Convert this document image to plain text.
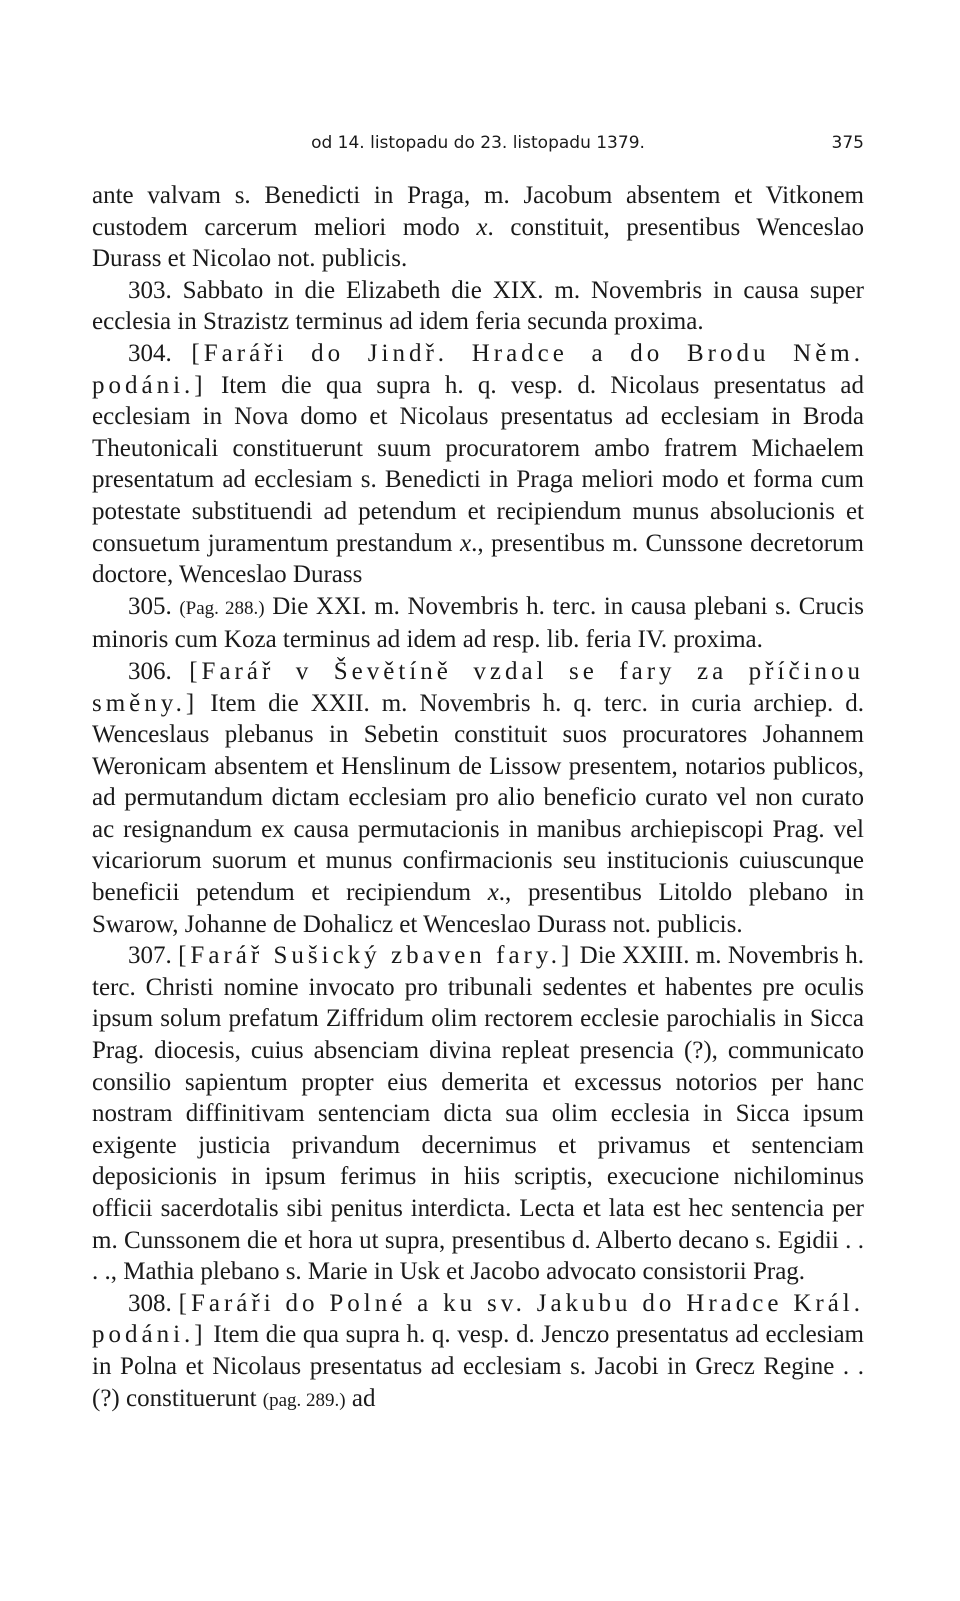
od 14. listopadu do 23. listopadu 1379.	375

ante valvam s. Benedicti in Praga, m. Jacobum absentem et Vitkonem custodem carcerum meliori modo x. constituit, presentibus Wenceslao Durass et Nicolao not. publicis.

303. Sabbato in die Elizabeth die XIX. m. Novembris in causa super ecclesia in Strazistz terminus ad idem feria secunda proxima.

304. [Faráři do Jindř. Hradce a do Brodu Něm. podáni.] Item die qua supra h. q. vesp. d. Nicolaus presentatus ad ecclesiam in Nova domo et Nicolaus presentatus ad ecclesiam in Broda Theutonicali constituerunt suum procuratorem ambo fratrem Michaelem presentatum ad ecclesiam s. Benedicti in Praga meliori modo et forma cum potestate substituendi ad petendum et recipiendum munus absolucionis et consuetum juramentum prestandum x., presentibus m. Cunssone decretorum doctore, Wenceslao Durass

305. (Pag. 288.) Die XXI. m. Novembris h. terc. in causa plebani s. Crucis minoris cum Koza terminus ad idem ad resp. lib. feria IV. proxima.

306. [Farář v Ševětíně vzdal se fary za příčinou směny.] Item die XXII. m. Novembris h. q. terc. in curia archiep. d. Wenceslaus plebanus in Sebetin constituit suos procuratores Johannem Weronicam absentem et Henslinum de Lissow presentem, notarios publicos, ad permutandum dictam ecclesiam pro alio beneficio curato vel non curato ac resignandum ex causa permutacionis in manibus archiepiscopi Prag. vel vicariorum suorum et munus confirmacionis seu institucionis cuiuscunque beneficii petendum et recipiendum x., presentibus Litoldo plebano in Swarow, Johanne de Dohalicz et Wenceslao Durass not. publicis.

307. [Farář Sušický zbaven fary.] Die XXIII. m. Novembris h. terc. Christi nomine invocato pro tribunali sedentes et habentes pre oculis ipsum solum prefatum Ziffridum olim rectorem ecclesie parochialis in Sicca Prag. diocesis, cuius absenciam divina repleat presencia (?), communicato consilio sapientum propter eius demerita et excessus notorios per hanc nostram diffinitivam sentenciam dicta sua olim ecclesia in Sicca ipsum exigente justicia privandum decernimus et privamus et sentenciam deposicionis in ipsum ferimus in hiis scriptis, execucione nichilominus officii sacerdotalis sibi penitus interdicta. Lecta et lata est hec sentencia per m. Cunssonem die et hora ut supra, presentibus d. Alberto decano s. Egidii . . . ., Mathia plebano s. Marie in Usk et Jacobo advocato consistorii Prag.

308. [Faráři do Polné a ku sv. Jakubu do Hradce Král. podáni.] Item die qua supra h. q. vesp. d. Jenczo presentatus ad ecclesiam in Polna et Nicolaus presentatus ad ecclesiam s. Jacobi in Grecz Regine . . (?) constituerunt (pag. 289.) ad
